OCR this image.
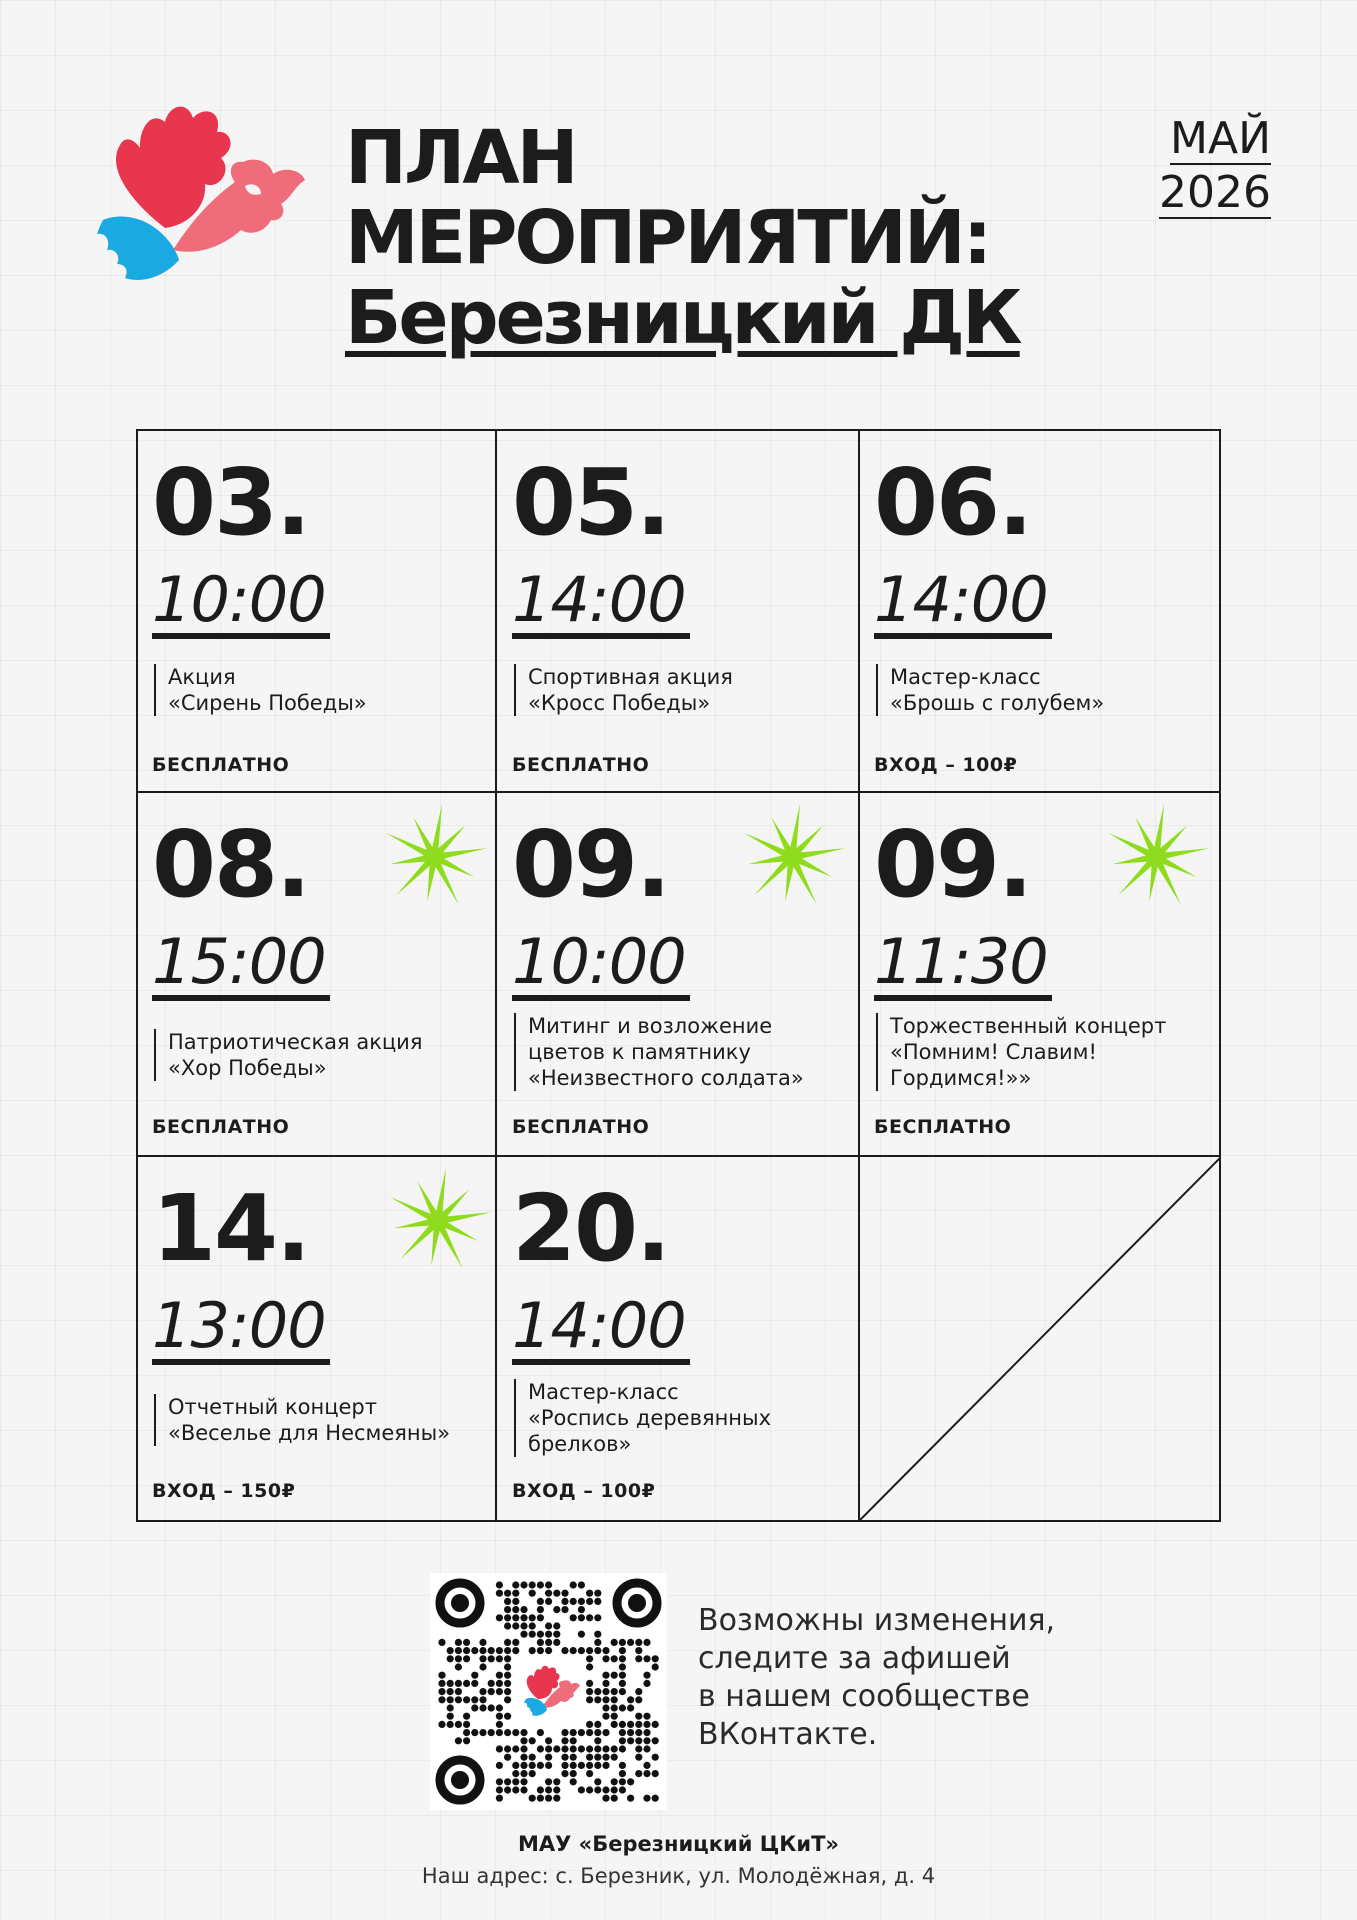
ПЛАН
МЕРОПРИЯТИЙ:
Березницкий ДК
МАЙ
2026
03.
10:00
Акция
«Сирень Победы»
БЕСПЛАТНО
05.
14:00
Спортивная акция
«Кросс Победы»
БЕСПЛАТНО
06.
14:00
Мастер-класс
«Брошь с голубем»
ВХОД – 100₽
08.
15:00
Патриотическая акция
«Хор Победы»
БЕСПЛАТНО
09.
10:00
Митинг и возложение
цветов к памятнику
«Неизвестного солдата»
БЕСПЛАТНО
09.
11:30
Торжественный концерт
«Помним! Славим!
Гордимся!»»
БЕСПЛАТНО
14.
13:00
Отчетный концерт
«Веселье для Несмеяны»
ВХОД – 150₽
20.
14:00
Мастер-класс
«Роспись деревянных
брелков»
ВХОД – 100₽
Возможны изменения,
следите за афишей
в нашем сообществе
ВКонтакте.
МАУ «Березницкий ЦКиТ»
Наш адрес: с. Березник, ул. Молодёжная, д. 4
